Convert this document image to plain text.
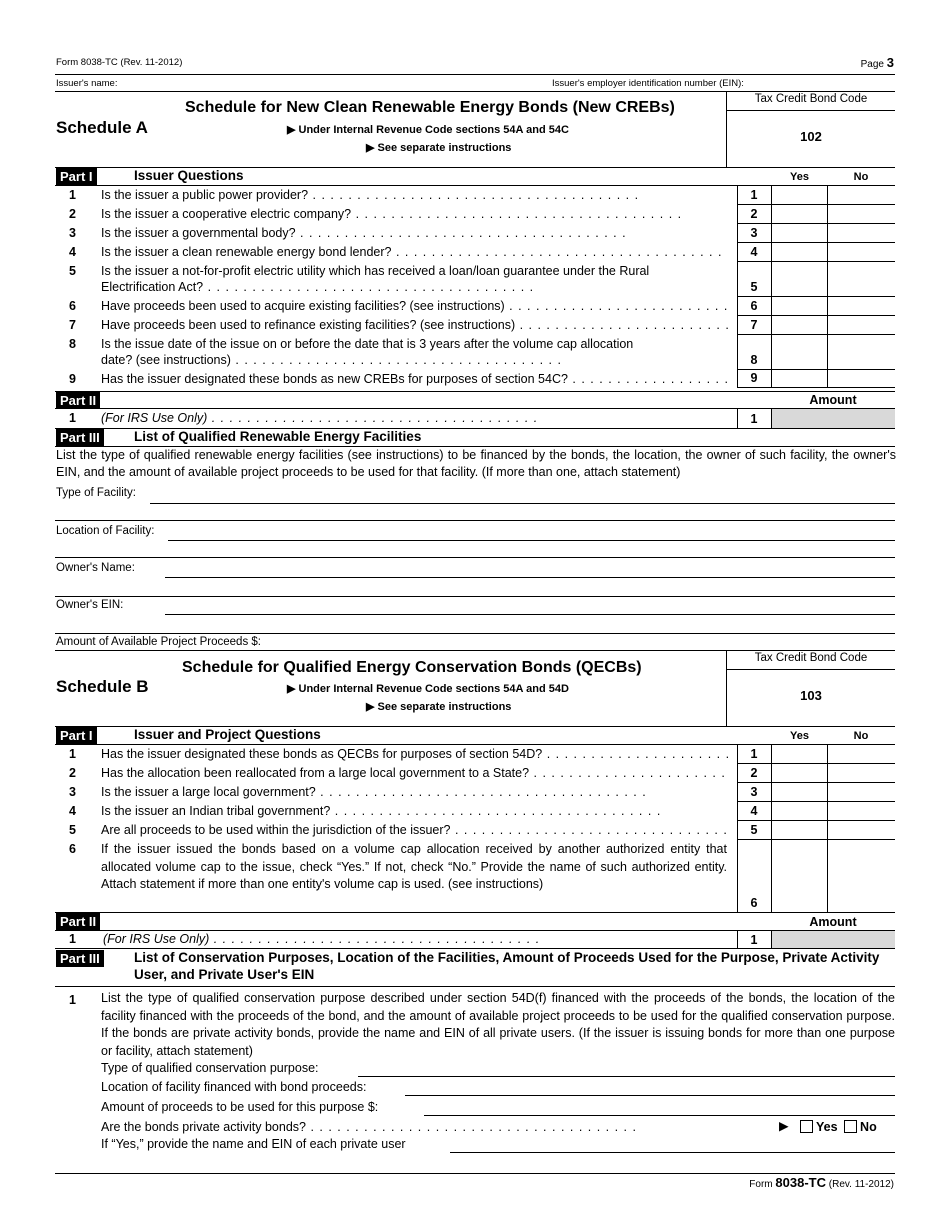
Form 8038-TC (Rev. 11-2012)	Page 3
Issuer's name:	Issuer's employer identification number (EIN):
Schedule A
Schedule for New Clean Renewable Energy Bonds (New CREBs)
▶ Under Internal Revenue Code sections 54A and 54C
▶ See separate instructions
Tax Credit Bond Code
102
Part I	Issuer Questions	Yes	No
1 Is the issuer a public power provider? . .	1
2 Is the issuer a cooperative electric company? . .	2
3 Is the issuer a governmental body? . .	3
4 Is the issuer a clean renewable energy bond lender? . .	4
5 Is the issuer a not-for-profit electric utility which has received a loan/loan guarantee under the Rural
Electrification Act? . .	5
6 Have proceeds been used to acquire existing facilities? (see instructions) . .	6
7 Have proceeds been used to refinance existing facilities? (see instructions) . .	7
8 Is the issue date of the issue on or before the date that is 3 years after the volume cap allocation
date? (see instructions) . .	8
9 Has the issuer designated these bonds as new CREBs for purposes of section 54C? . .	9
Part II	Amount
1 (For IRS Use Only) . .	1
Part III	List of Qualified Renewable Energy Facilities
List the type of qualified renewable energy facilities (see instructions) to be financed by the bonds, the location, the owner of such facility, the owner's EIN, and the amount of available project proceeds to be used for that facility. (If more than one, attach statement)
Type of Facility:
Location of Facility:
Owner's Name:
Owner's EIN:
Amount of Available Project Proceeds $:
Schedule B
Schedule for Qualified Energy Conservation Bonds (QECBs)
▶ Under Internal Revenue Code sections 54A and 54D
▶ See separate instructions
Tax Credit Bond Code
103
Part I	Issuer and Project Questions	Yes	No
1 Has the issuer designated these bonds as QECBs for purposes of section 54D? . .	1
2 Has the allocation been reallocated from a large local government to a State? . .	2
3 Is the issuer a large local government? . .	3
4 Is the issuer an Indian tribal government? . .	4
5 Are all proceeds to be used within the jurisdiction of the issuer? . .	5
6 If the issuer issued the bonds based on a volume cap allocation received by another authorized entity that allocated volume cap to the issue, check “Yes.” If not, check “No.” Provide the name of such authorized entity. Attach statement if more than one entity's volume cap is used. (see instructions)
6
Part II	Amount
1 (For IRS Use Only) . .	1
Part III	List of Conservation Purposes, Location of the Facilities, Amount of Proceeds Used for the Purpose, Private Activity User, and Private User's EIN
1 List the type of qualified conservation purpose described under section 54D(f) financed with the proceeds of the bonds, the location of the facility financed with the proceeds of the bond, and the amount of available project proceeds to be used for the qualified conservation purpose. If the bonds are private activity bonds, provide the name and EIN of all private users. (If the issuer is issuing bonds for more than one purpose or facility, attach statement)
Type of qualified conservation purpose:
Location of facility financed with bond proceeds:
Amount of proceeds to be used for this purpose $:
Are the bonds private activity bonds? . .	▶	Yes No
If “Yes,” provide the name and EIN of each private user
Form 8038-TC (Rev. 11-2012)
